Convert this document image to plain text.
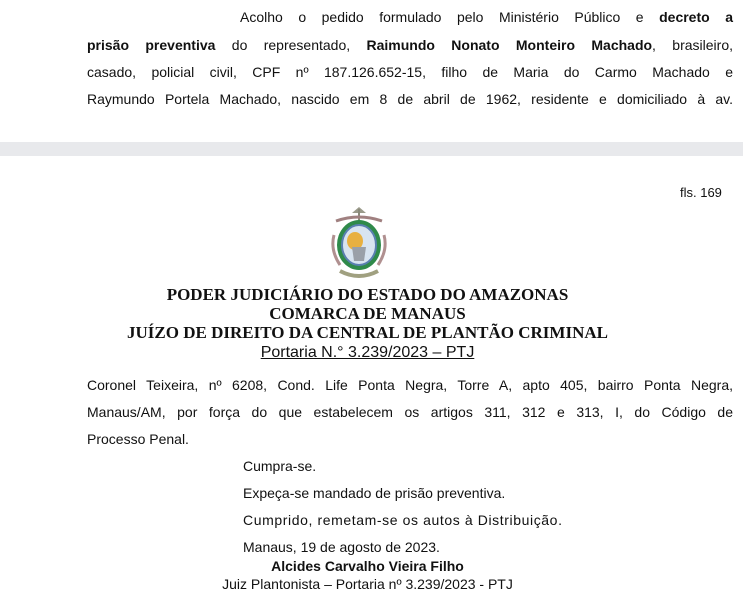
Acolho o pedido formulado pelo Ministério Público e decreto a
prisão preventiva do representado, Raimundo Nonato Monteiro Machado, brasileiro,
casado, policial civil, CPF nº 187.126.652-15, filho de Maria do Carmo Machado e
Raymundo Portela Machado, nascido em 8 de abril de 1962, residente e domiciliado à av.
fls. 169
PODER JUDICIÁRIO DO ESTADO DO AMAZONAS
COMARCA DE MANAUS
JUÍZO DE DIREITO DA CENTRAL DE PLANTÃO CRIMINAL
Portaria N.° 3.239/2023 – PTJ
Coronel Teixeira, nº 6208, Cond. Life Ponta Negra, Torre A, apto 405, bairro Ponta Negra,
Manaus/AM, por força do que estabelecem os artigos 311, 312 e 313, I, do Código de
Processo Penal.
Cumpra-se.
Expeça-se mandado de prisão preventiva.
Cumprido, remetam-se os autos à Distribuição.
Manaus, 19 de agosto de 2023.
Alcides Carvalho Vieira Filho
Juiz Plantonista – Portaria nº 3.239/2023 - PTJ
